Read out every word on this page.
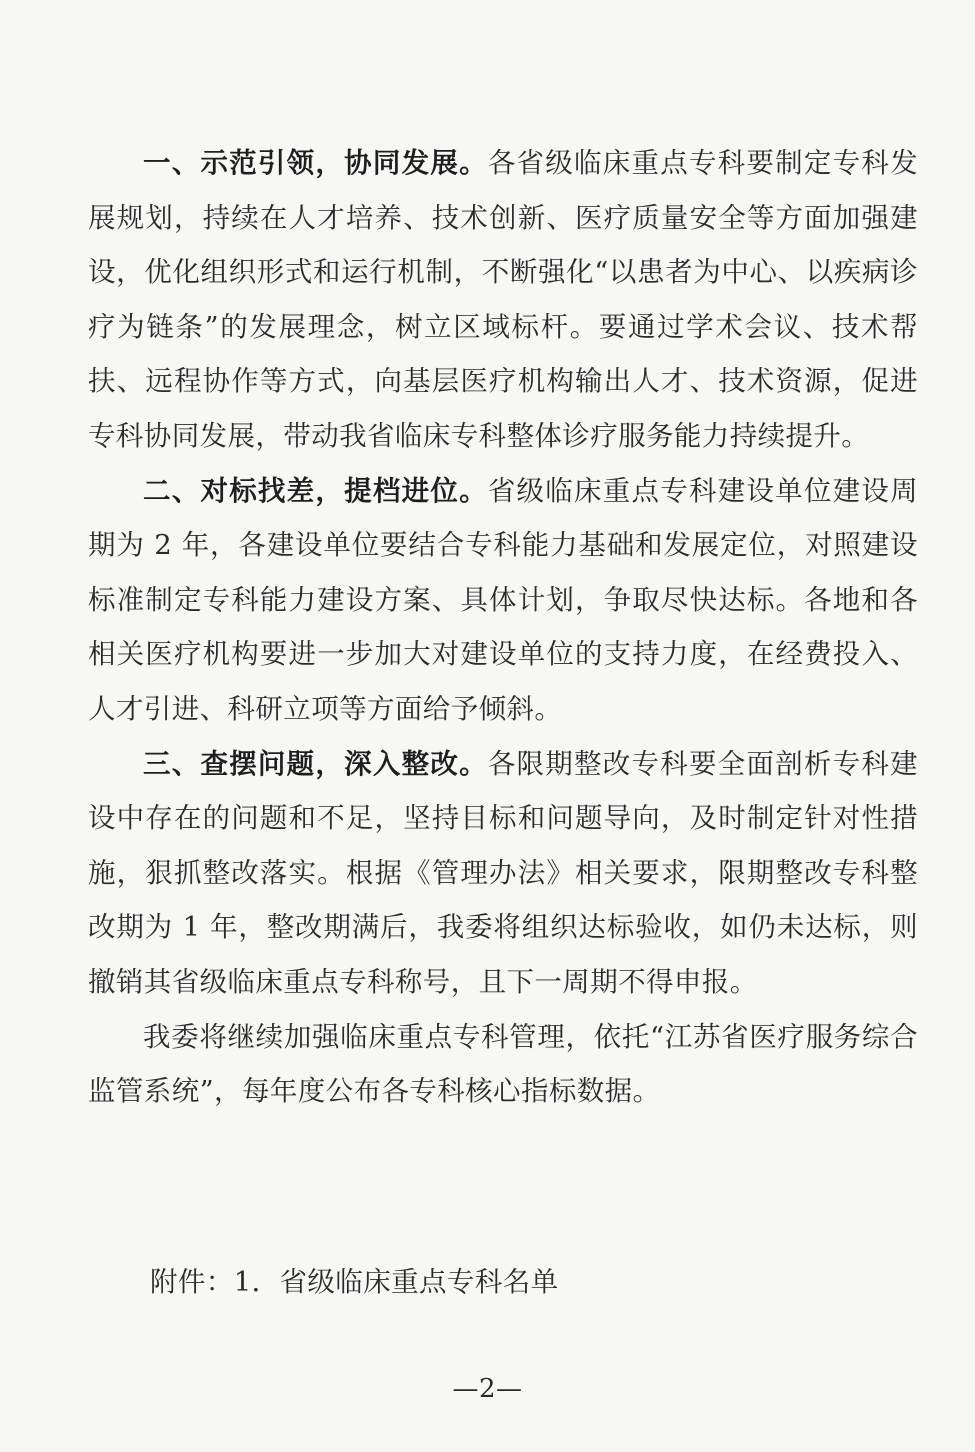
一、示范引领，协同发展。各省级临床重点专科要制定专科发展规划，持续在人才培养、技术创新、医疗质量安全等方面加强建设，优化组织形式和运行机制，不断强化“以患者为中心、以疾病诊疗为链条”的发展理念，树立区域标杆。要通过学术会议、技术帮扶、远程协作等方式，向基层医疗机构输出人才、技术资源，促进专科协同发展，带动我省临床专科整体诊疗服务能力持续提升。

二、对标找差，提档进位。省级临床重点专科建设单位建设周期为 2 年，各建设单位要结合专科能力基础和发展定位，对照建设标准制定专科能力建设方案、具体计划，争取尽快达标。各地和各相关医疗机构要进一步加大对建设单位的支持力度，在经费投入、人才引进、科研立项等方面给予倾斜。

三、查摆问题，深入整改。各限期整改专科要全面剖析专科建设中存在的问题和不足，坚持目标和问题导向，及时制定针对性措施，狠抓整改落实。根据《管理办法》相关要求，限期整改专科整改期为 1 年，整改期满后，我委将组织达标验收，如仍未达标，则撤销其省级临床重点专科称号，且下一周期不得申报。

我委将继续加强临床重点专科管理，依托“江苏省医疗服务综合监管系统”，每年度公布各专科核心指标数据。

附件：1．省级临床重点专科名单
—2—
